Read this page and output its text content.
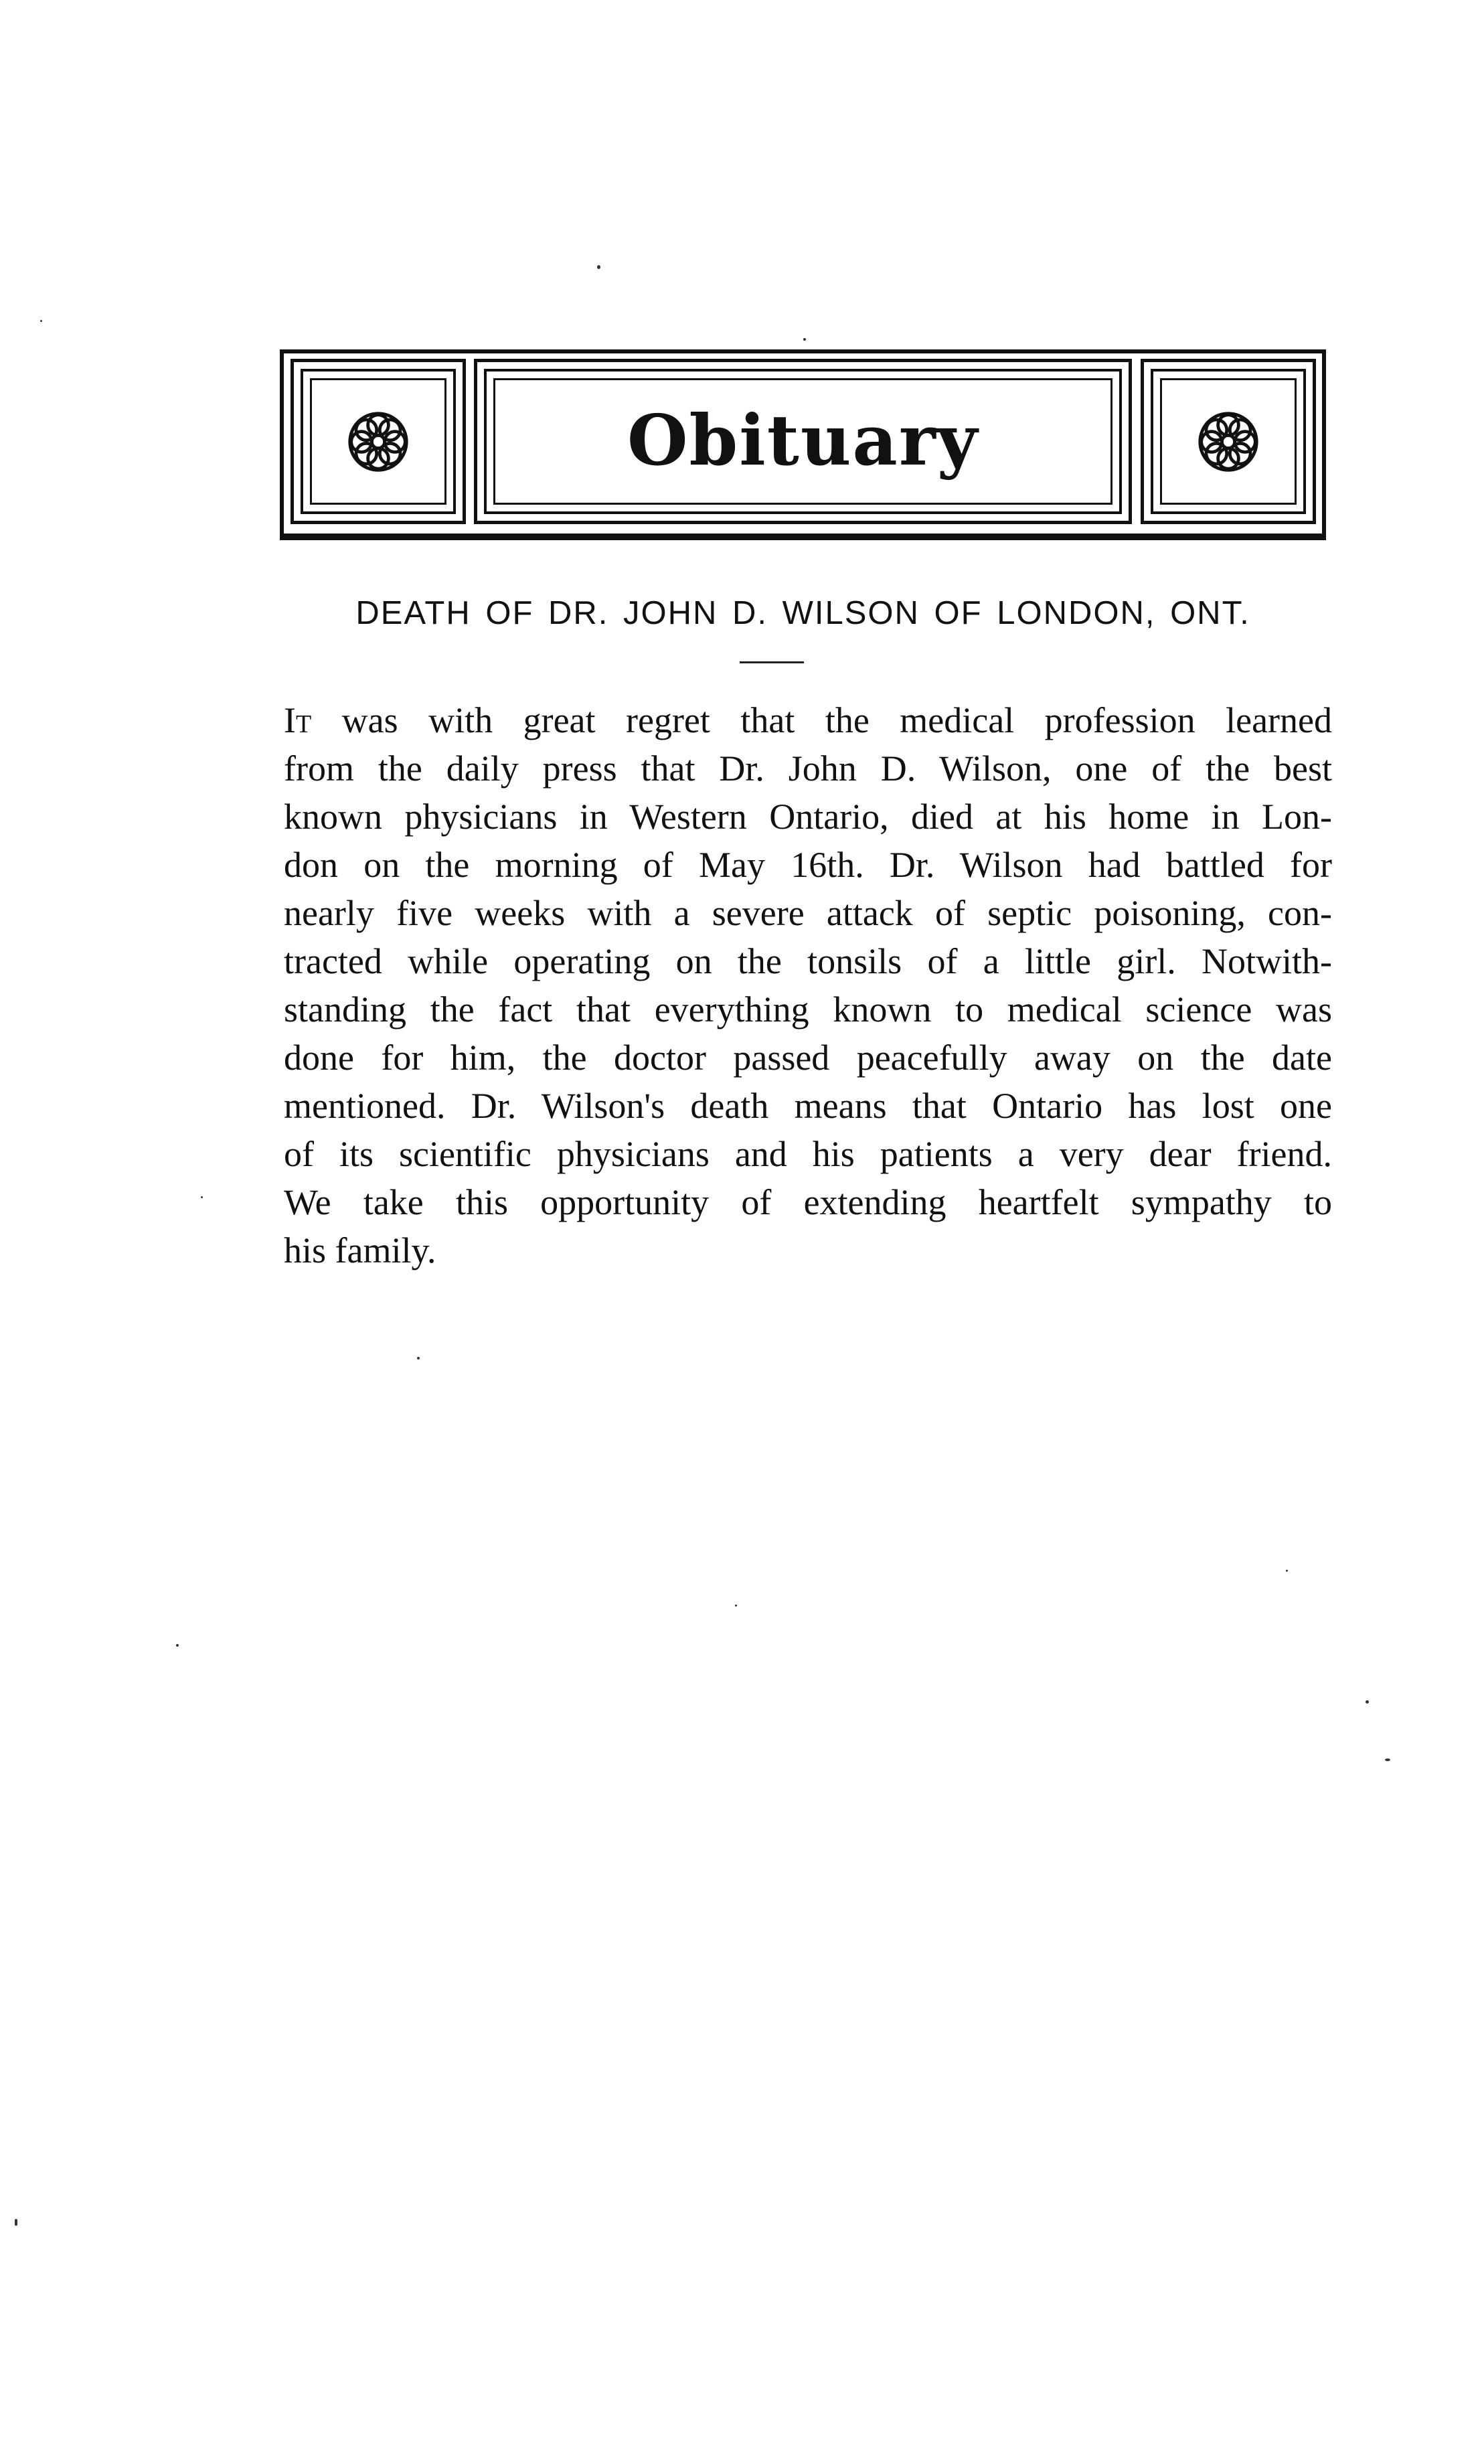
Obituary
DEATH OF DR. JOHN D. WILSON OF LONDON, ONT.
It was with great regret that the medical profession learned
from the daily press that Dr. John D. Wilson, one of the best
known physicians in Western Ontario, died at his home in Lon-
don on the morning of May 16th. Dr. Wilson had battled for
nearly five weeks with a severe attack of septic poisoning, con-
tracted while operating on the tonsils of a little girl. Notwith-
standing the fact that everything known to medical science was
done for him, the doctor passed peacefully away on the date
mentioned. Dr. Wilson's death means that Ontario has lost one
of its scientific physicians and his patients a very dear friend.
We take this opportunity of extending heartfelt sympathy to
his family.
